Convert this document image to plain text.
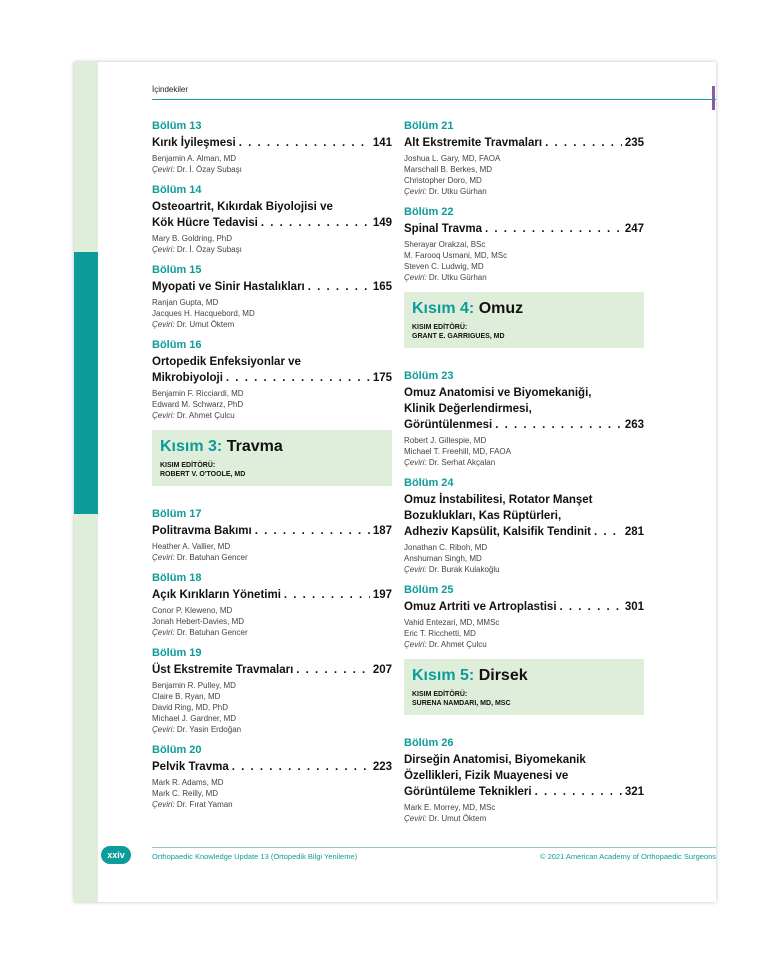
İçindekiler
Bölüm 13
Kırık İyileşmesi . . .	141
Benjamin A. Alman, MD
Çeviri: Dr. İ. Özay Subaşı
Bölüm 14
Osteoartrit, Kıkırdak Biyolojisi ve
Kök Hücre Tedavisi . . .	149
Mary B. Goldring, PhD
Çeviri: Dr. İ. Özay Subaşı
Bölüm 15
Myopati ve Sinir Hastalıkları . . .	165
Ranjan Gupta, MD
Jacques H. Hacquebord, MD
Çeviri: Dr. Umut Öktem
Bölüm 16
Ortopedik Enfeksiyonlar ve
Mikrobiyoloji . . .	175
Benjamin F. Ricciardi, MD
Edward M. Schwarz, PhD
Çeviri: Dr. Ahmet Çulcu
Kısım 3: Travma
KISIM EDİTÖRÜ:
ROBERT V. O'TOOLE, MD
Bölüm 17
Politravma Bakımı . . .	187
Heather A. Vallier, MD
Çeviri: Dr. Batuhan Gencer
Bölüm 18
Açık Kırıkların Yönetimi . . .	197
Conor P. Kleweno, MD
Jonah Hebert-Davies, MD
Çeviri: Dr. Batuhan Gencer
Bölüm 19
Üst Ekstremite Travmaları . . .	207
Benjamin R. Pulley, MD
Claire B. Ryan, MD
David Ring, MD, PhD
Michael J. Gardner, MD
Çeviri: Dr. Yasin Erdoğan
Bölüm 20
Pelvik Travma . . .	223
Mark R. Adams, MD
Mark C. Reilly, MD
Çeviri: Dr. Fırat Yaman
Bölüm 21
Alt Ekstremite Travmaları . . .	235
Joshua L. Gary, MD, FAOA
Marschall B. Berkes, MD
Christopher Doro, MD
Çeviri: Dr. Utku Gürhan
Bölüm 22
Spinal Travma . . .	247
Sherayar Orakzai, BSc
M. Farooq Usmani, MD, MSc
Steven C. Ludwig, MD
Çeviri: Dr. Utku Gürhan
Kısım 4: Omuz
KISIM EDİTÖRÜ:
GRANT E. GARRIGUES, MD
Bölüm 23
Omuz Anatomisi ve Biyomekaniği,
Klinik Değerlendirmesi,
Görüntülenmesi . . .	263
Robert J. Gillespie, MD
Michael T. Freehill, MD, FAOA
Çeviri: Dr. Serhat Akçalan
Bölüm 24
Omuz İnstabilitesi, Rotator Manşet
Bozuklukları, Kas Rüptürleri,
Adheziv Kapsülit, Kalsifik Tendinit . . .	281
Jonathan C. Riboh, MD
Anshuman Singh, MD
Çeviri: Dr. Burak Kulakoğlu
Bölüm 25
Omuz Artriti ve Artroplastisi . . .	301
Vahid Entezari, MD, MMSc
Eric T. Ricchetti, MD
Çeviri: Dr. Ahmet Çulcu
Kısım 5: Dirsek
KISIM EDİTÖRÜ:
SURENA NAMDARI, MD, MSC
Bölüm 26
Dirseğin Anatomisi, Biyomekanik
Özellikleri, Fizik Muayenesi ve
Görüntüleme Teknikleri . . .	321
Mark E. Morrey, MD, MSc
Çeviri: Dr. Umut Öktem
xxiv	Orthopaedic Knowledge Update 13 (Ortopedik Bilgi Yenileme)	© 2021 American Academy of Orthopaedic Surgeons
